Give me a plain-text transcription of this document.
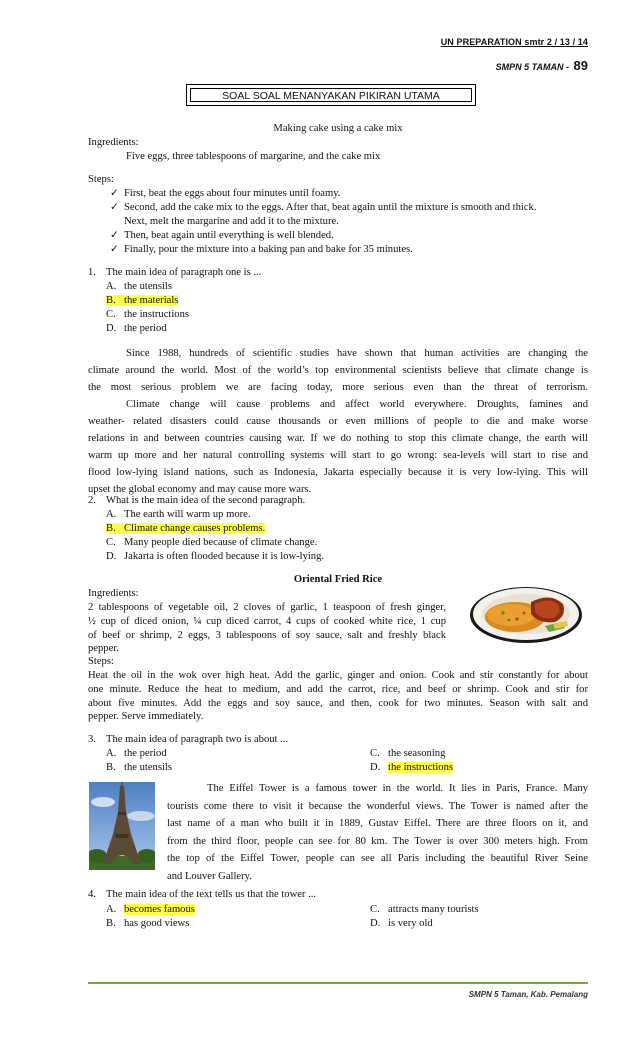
UN PREPARATION smtr 2 / 13 / 14
SMPN 5 TAMAN - 89
SOAL SOAL MENANYAKAN PIKIRAN UTAMA
Making cake using a cake mix
Ingredients:
Five eggs, three tablespoons of margarine, and the cake mix
Steps:
✓ First, beat the eggs about four minutes until foamy.
✓ Second, add the cake mix to the eggs. After that, beat again until the mixture is smooth and thick.
Next, melt the margarine and add it to the mixture.
✓ Then, beat again until everything is well blended.
✓ Finally, pour the mixture into a baking pan and bake for 35 minutes.
1. The main idea of paragraph one is ...
A. the utensils
B. the materials
C. the instructions
D. the period
Since 1988, hundreds of scientific studies have shown that human activities are changing the
climate around the world. Most of the world’s top environmental scientists believe that climate change is
the most serious problem we are facing today, more serious even than the threat of terrorism.
Climate change will cause problems and affect world everywhere. Droughts, famines and
weather- related disasters could cause thousands or even millions of people to die and make worse
relations in and between countries causing war. If we do nothing to stop this climate change, the earth will
warm up more and her natural controlling systems will start to go wrong: sea-levels will start to rise and
flood low-lying island nations, such as Indonesia, Jakarta especially because it is very low-lying. This will
upset the global economy and may cause more wars.
2. What is the main idea of the second paragraph.
A. The earth will warm up more.
B. Climate change causes problems.
C. Many people died because of climate change.
D. Jakarta is often flooded because it is low-lying.
Oriental Fried Rice
Ingredients:
2 tablespoons of vegetable oil, 2 cloves of garlic, 1 teaspoon of fresh ginger,
½ cup of diced onion, ¼ cup diced carrot, 4 cups of cooked white rice, 1 cup
of beef or shrimp, 2 eggs, 3 tablespoons of soy sauce, salt and freshly black
pepper.
Steps:
Heat the oil in the wok over high heat. Add the garlic, ginger and onion. Cook and stir constantly for about
one minute. Reduce the heat to medium, and add the carrot, rice, and beef or shrimp. Cook and stir for
about five minutes. Add the eggs and soy sauce, and then, cook for two minutes. Season with salt and
pepper. Serve immediately.
3. The main idea of paragraph two is about ...
A. the period
B. the utensils
C. the seasoning
D. the instructions
The Eiffel Tower is a famous tower in the world. It lies in Paris, France. Many
tourists come there to visit it because the wonderful views. The Tower is named after the
last name of a man who built it in 1889, Gustav Eiffel. There are three floors on it, and
from the third floor, people can see for 80 km. The Tower is over 300 meters high. From
the top of the Eiffel Tower, people can see all Paris including the beautiful River Seine
and Louver Gallery.
4. The main idea of the text tells us that the tower ...
A. becomes famous
B. has good views
C. attracts many tourists
D. is very old
SMPN 5 Taman, Kab. Pemalang
